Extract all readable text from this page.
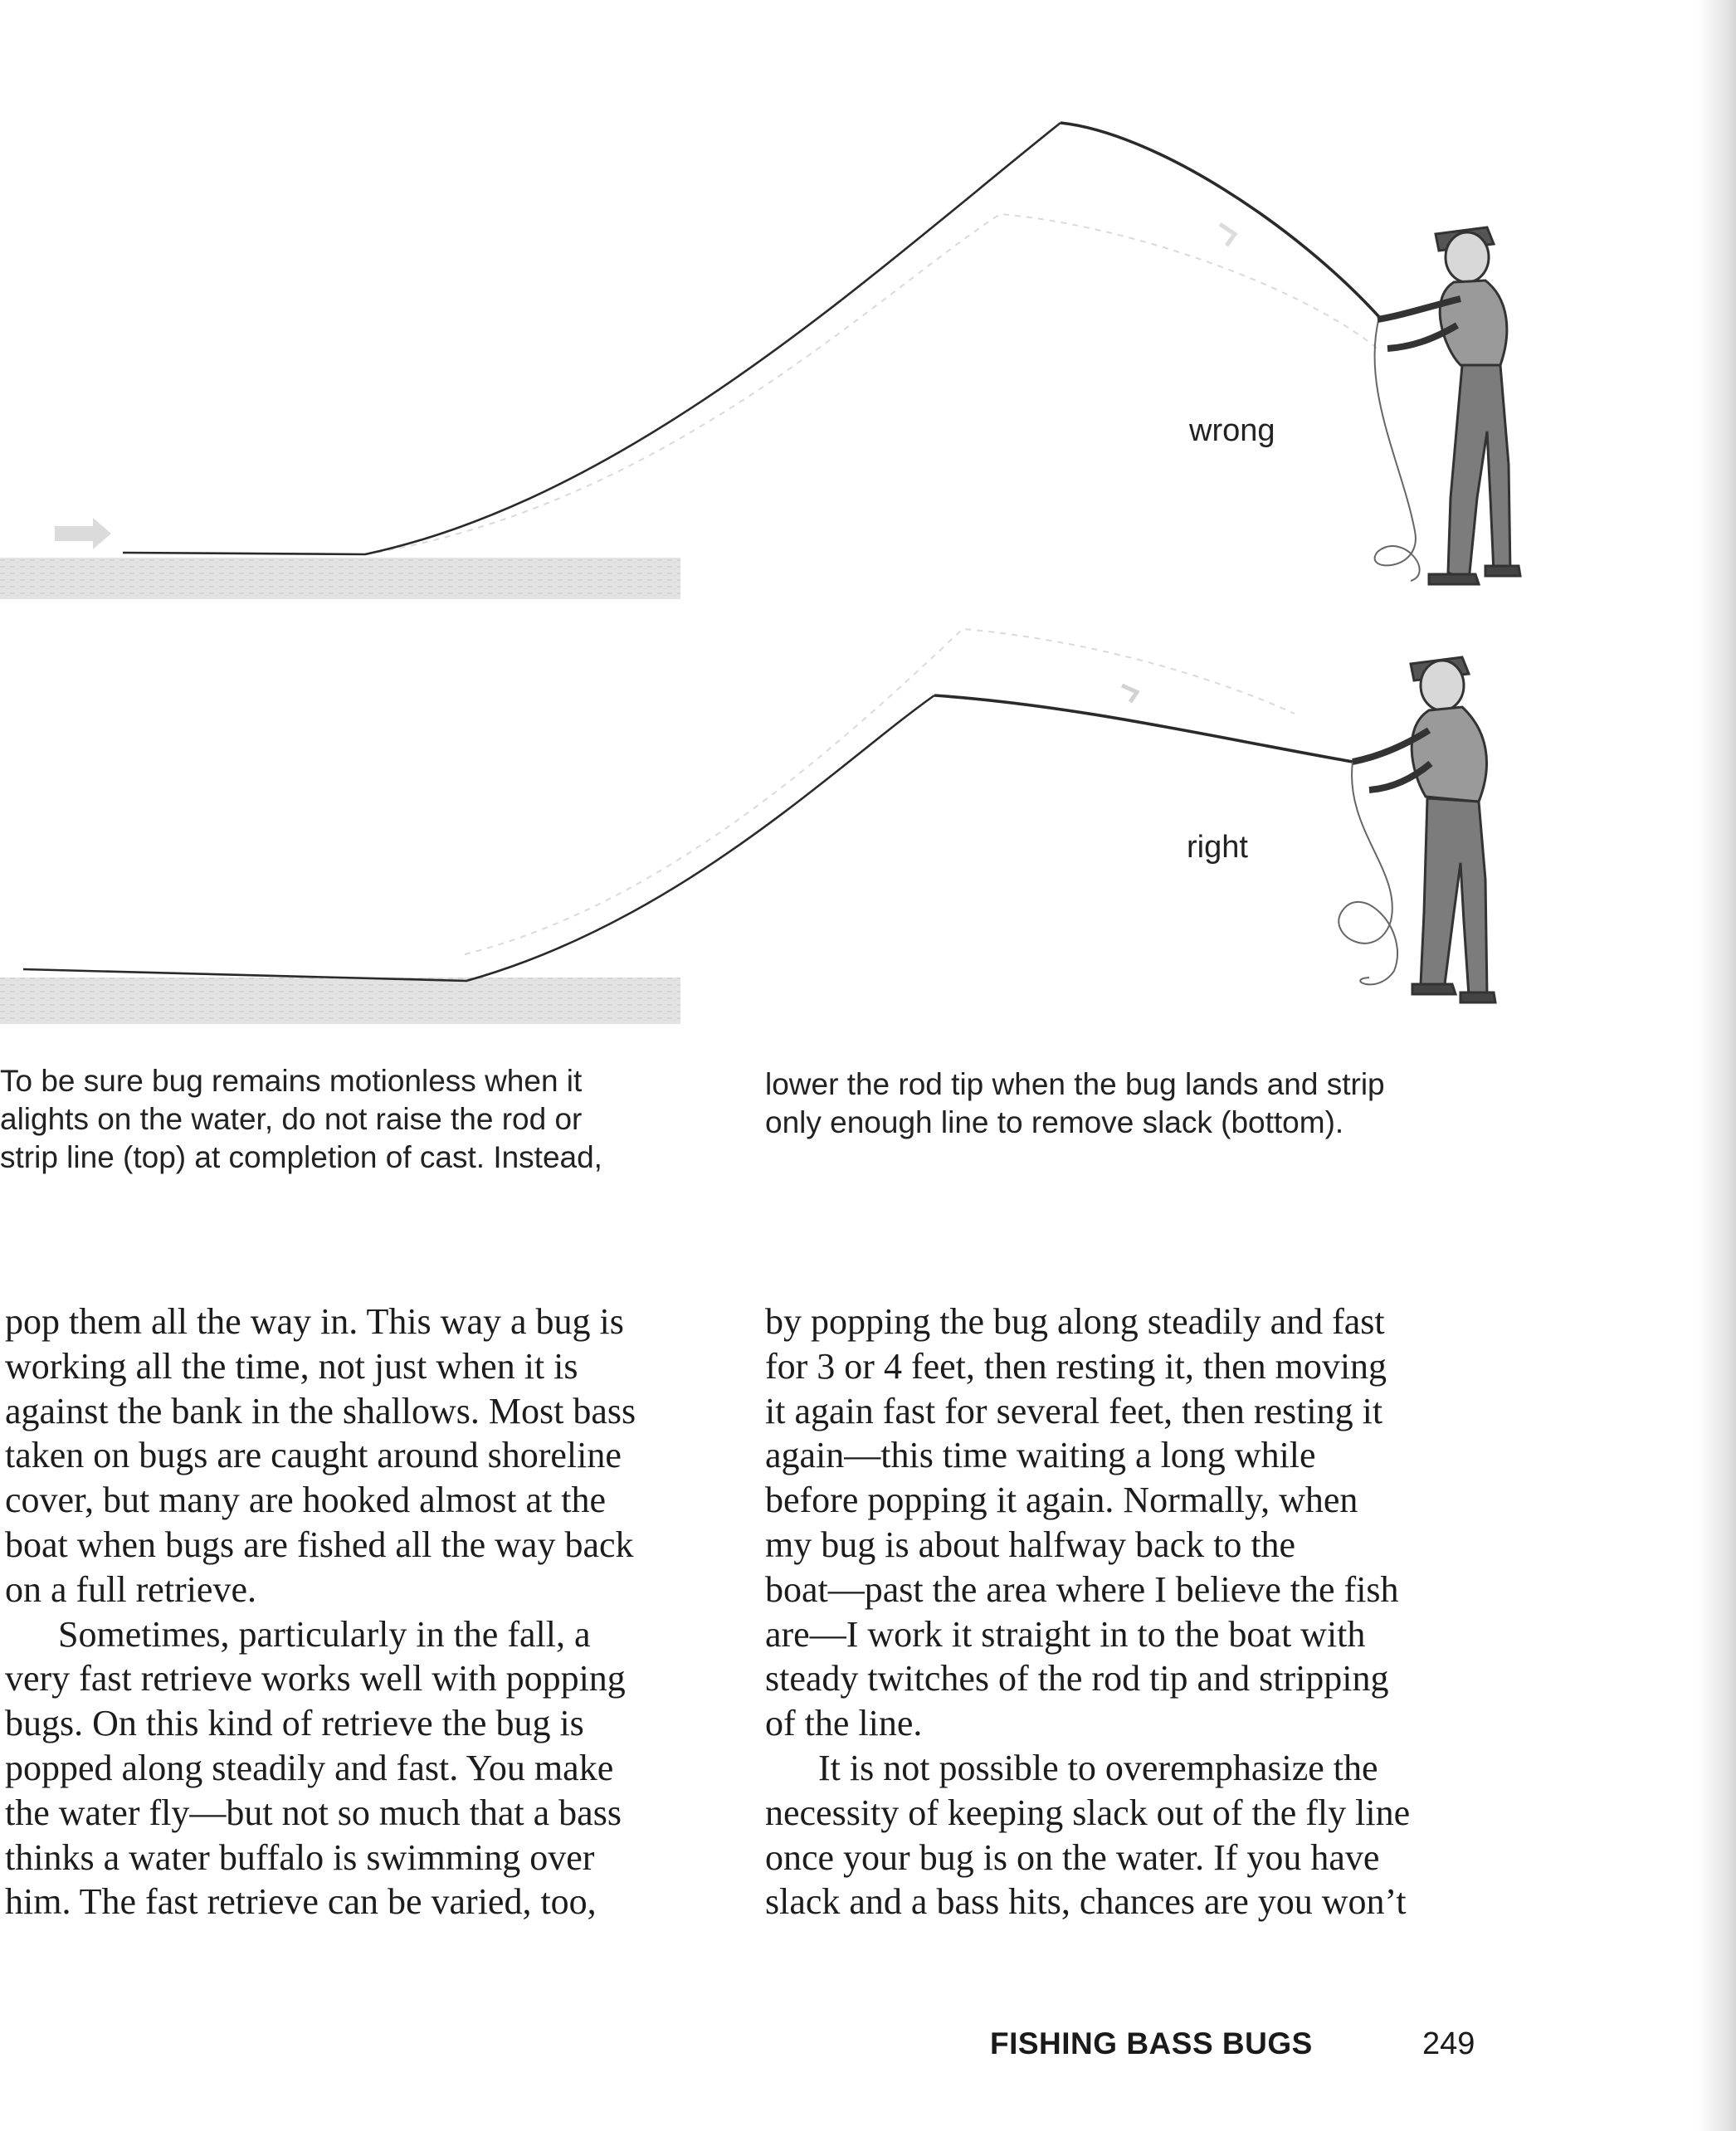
wrong
right

To be sure bug remains motionless when it

alights on the water, do not raise the rod or

strip line (top) at completion of cast. Instead,

lower the rod tip when the bug lands and strip

only enough line to remove slack (bottom).

pop them all the way in. This way a bug is

working all the time, not just when it is

against the bank in the shallows. Most bass

taken on bugs are caught around shoreline

cover, but many are hooked almost at the

boat when bugs are fished all the way back

on a full retrieve.

Sometimes, particularly in the fall, a

very fast retrieve works well with popping

bugs. On this kind of retrieve the bug is

popped along steadily and fast. You make

the water fly—but not so much that a bass

thinks a water buffalo is swimming over

him. The fast retrieve can be varied, too,

by popping the bug along steadily and fast

for 3 or 4 feet, then resting it, then moving

it again fast for several feet, then resting it

again—this time waiting a long while

before popping it again. Normally, when

my bug is about halfway back to the

boat—past the area where I believe the fish

are—I work it straight in to the boat with

steady twitches of the rod tip and stripping

of the line.

It is not possible to overemphasize the

necessity of keeping slack out of the fly line

once your bug is on the water. If you have

slack and a bass hits, chances are you won’t

FISHING BASS BUGS	249
